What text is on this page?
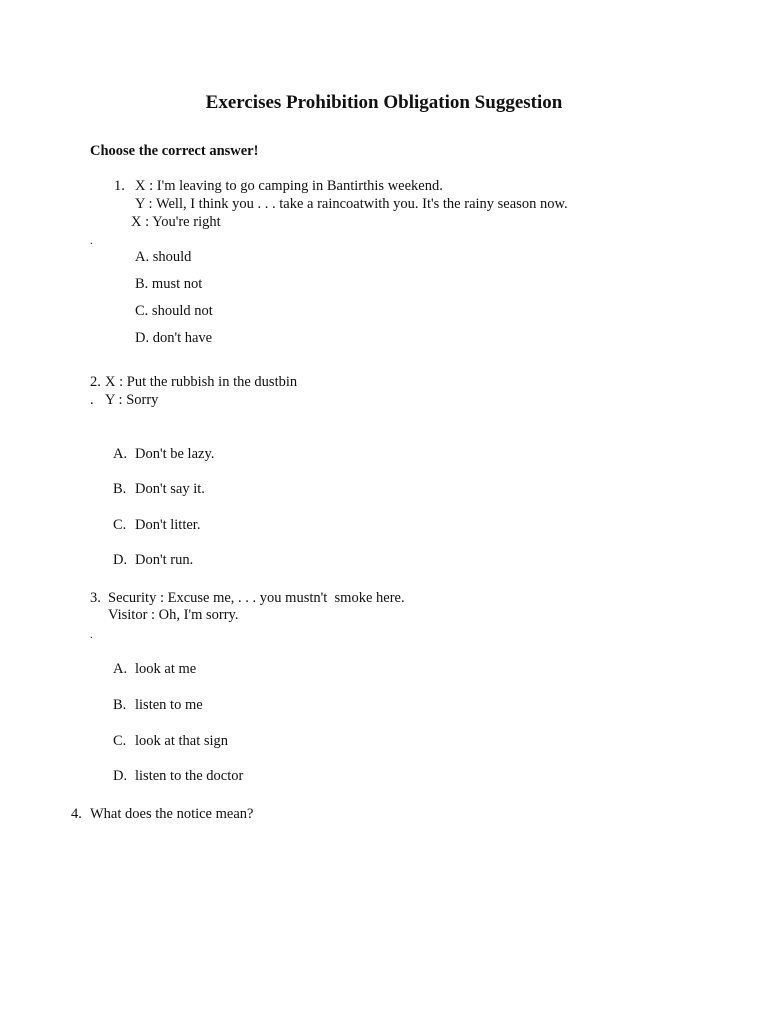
Exercises Prohibition Obligation Suggestion
Choose the correct answer!
1. X : I'm leaving to go camping in Bantirthis weekend.
Y : Well, I think you . . . take a raincoatwith you. It's the rainy season now.
X : You're right
.
A. should
B. must not
C. should not
D. don't have
2. X : Put the rubbish in the dustbin
. Y : Sorry
A. Don't be lazy.
B. Don't say it.
C. Don't litter.
D. Don't run.
3. Security : Excuse me, . . . you mustn't  smoke here.
Visitor : Oh, I'm sorry.
.
A. look at me
B. listen to me
C. look at that sign
D. listen to the doctor
4. What does the notice mean?
